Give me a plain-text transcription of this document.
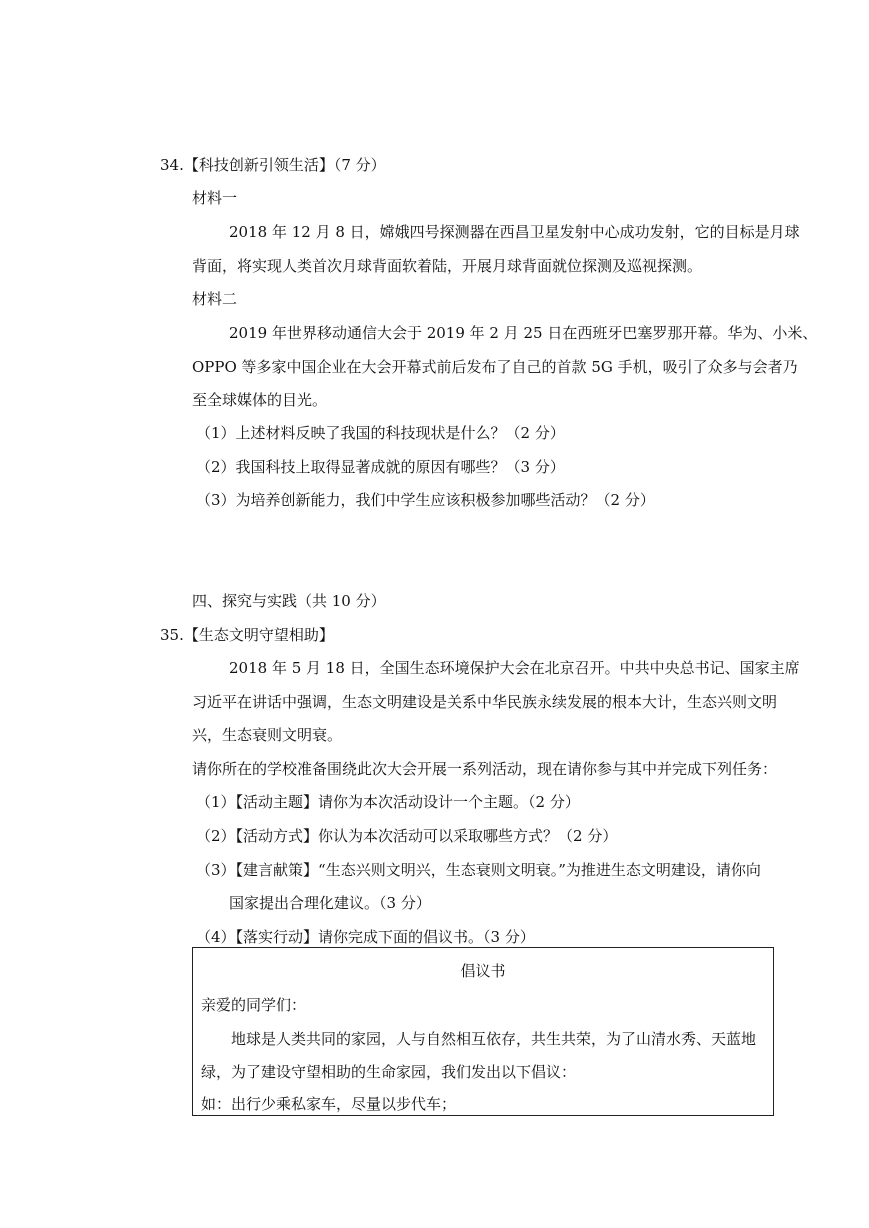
34.【科技创新引领生活】（7 分）
材料一
2018 年 12 月 8 日，嫦娥四号探测器在西昌卫星发射中心成功发射，它的目标是月球
背面，将实现人类首次月球背面软着陆，开展月球背面就位探测及巡视探测。
材料二
2019 年世界移动通信大会于 2019 年 2 月 25 日在西班牙巴塞罗那开幕。华为、小米、
OPPO 等多家中国企业在大会开幕式前后发布了自己的首款 5G 手机，吸引了众多与会者乃
至全球媒体的目光。
（1）上述材料反映了我国的科技现状是什么？（2 分）
（2）我国科技上取得显著成就的原因有哪些？（3 分）
（3）为培养创新能力，我们中学生应该积极参加哪些活动？（2 分）
四、探究与实践（共 10 分）
35.【生态文明守望相助】
2018 年 5 月 18 日，全国生态环境保护大会在北京召开。中共中央总书记、国家主席
习近平在讲话中强调，生态文明建设是关系中华民族永续发展的根本大计，生态兴则文明
兴，生态衰则文明衰。
请你所在的学校准备围绕此次大会开展一系列活动，现在请你参与其中并完成下列任务：
（1）【活动主题】请你为本次活动设计一个主题。（2 分）
（2）【活动方式】你认为本次活动可以采取哪些方式？（2 分）
（3）【建言献策】“生态兴则文明兴，生态衰则文明衰。”为推进生态文明建设，请你向
国家提出合理化建议。（3 分）
（4）【落实行动】请你完成下面的倡议书。（3 分）
倡议书
亲爱的同学们：
地球是人类共同的家园，人与自然相互依存，共生共荣，为了山清水秀、天蓝地
绿，为了建设守望相助的生命家园，我们发出以下倡议：
如：出行少乘私家车，尽量以步代车；
